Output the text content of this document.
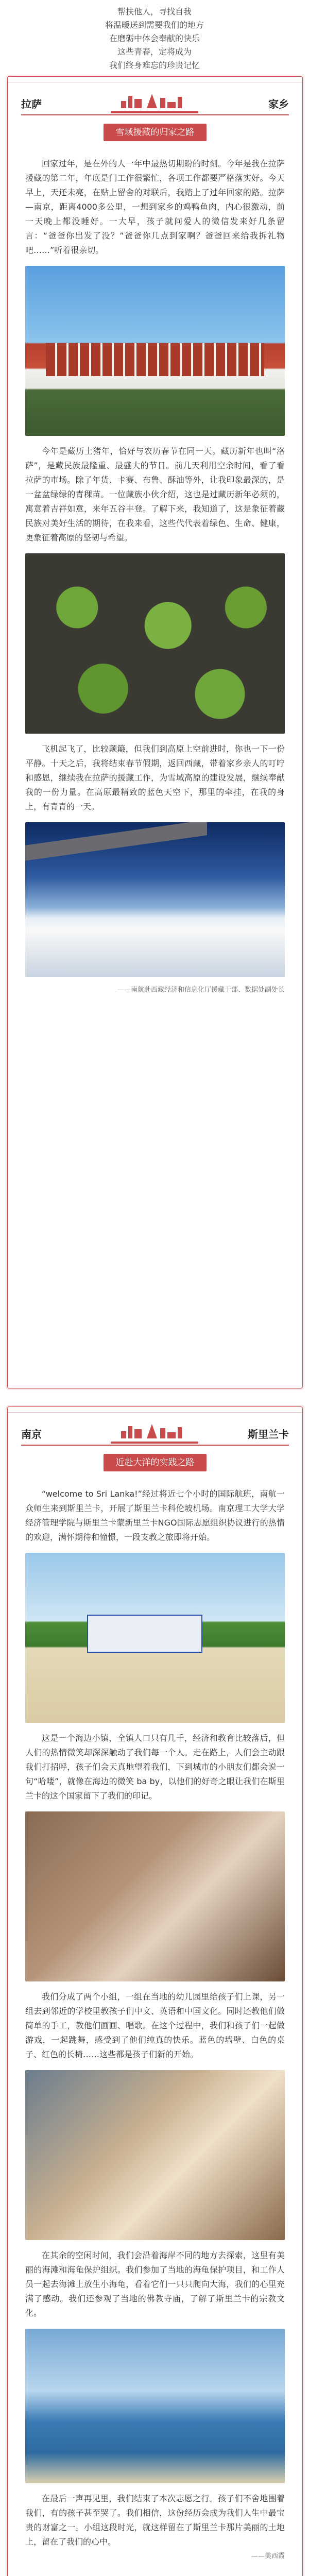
帮扶他人，寻找自我

将温暖送到需要我们的地方

在磨砺中体会奉献的快乐

这些青春，定将成为

我们终身难忘的珍贵记忆

拉萨	家乡
雪域援藏的归家之路

回家过年，是在外的人一年中最热切期盼的时刻。今年是我在拉萨援藏的第二年，年底是门工作很繁忙，各项工作都要严格落实好。今天早上，天还未亮，在贴上留舍的对联后，我踏上了过年回家的路。拉萨—南京，距离4000多公里，一想到家乡的鸡鸭鱼肉，内心很激动，前一天晚上都没睡好。一大早，孩子就问爱人的微信发来好几条留言：“爸爸你出发了没？”爸爸你几点到家啊？爸爸回来给我拆礼物吧……”听着很亲切。

今年是藏历土猪年，恰好与农历春节在同一天。藏历新年也叫“洛萨”，是藏民族最隆重、最盛大的节日。前几天利用空余时间，看了看拉萨的市场。除了年货、卡赛、布鲁、酥油等外，让我印象最深的，是一盆盆绿绿的青稞苗。一位藏族小伙介绍，这也是过藏历新年必须的，寓意着吉祥如意，来年五谷丰登。了解下来，我知道了，这是象征着藏民族对美好生活的期待，在我来看，这些代代表着绿色、生命、健康，更象征着高原的坚韧与希望。

飞机起飞了，比较颠簸，但我们到高原上空前进时，你也一下一份平静。十天之后，我将结束春节假期，返回西藏，带着家乡亲人的叮咛和感恩，继续我在拉萨的援藏工作，为雪域高原的建设发展，继续奉献我的一份力量。在高原最精致的蓝色天空下，那里的牵挂，在我的身上，有青青的一天。

——南航赴西藏经济和信息化厅援藏干部、数据处副处长
南京	斯里兰卡
近赴大洋的实践之路

“welcome to Sri Lanka!”经过将近七个小时的国际航班，南航一众师生来到斯里兰卡，开展了斯里兰卡科伦坡机场。南京理工大学大学经济管理学院与斯里兰卡蒙新里兰卡NGO国际志愿组织协议进行的热情的欢迎，满怀期待和憧憬，一段支教之旅即将开始。

这是一个海边小镇，全镇人口只有几千，经济和教育比较落后，但人们的热情微笑却深深触动了我们每一个人。走在路上，人们会主动跟我们打招呼，孩子们会天真地望着我们，下到城市的小朋友们都会说一句“哈喽”，就像在海边的微笑 ba by，以他们的好奇之眼让我们在斯里兰卡的这个国家留下了我们的印记。

我们分成了两个小组，一组在当地的幼儿园里给孩子们上课，另一组去到邻近的学校里教孩子们中文、英语和中国文化。同时还教他们做简单的手工，教他们画画、唱歌。在这个过程中，我们和孩子们一起做游戏，一起跳舞，感受到了他们纯真的快乐。蓝色的墙壁、白色的桌子、红色的长椅……这些都是孩子们新的开始。

在其余的空闲时间，我们会沿着海岸不同的地方去探索，这里有美丽的海滩和海龟保护组织。我们参加了当地的海龟保护项目，和工作人员一起去海滩上放生小海龟，看着它们一只只爬向大海，我们的心里充满了感动。我们还参观了当地的佛教寺庙，了解了斯里兰卡的宗教文化。

在最后一声再见里，我们结束了本次志愿之行。孩子们不舍地围着我们，有的孩子甚至哭了。我们相信，这份经历会成为我们人生中最宝贵的财富之一。小组这段时光，就这样留在了斯里兰卡那片美丽的土地上，留在了我们的心中。

——美西霞
